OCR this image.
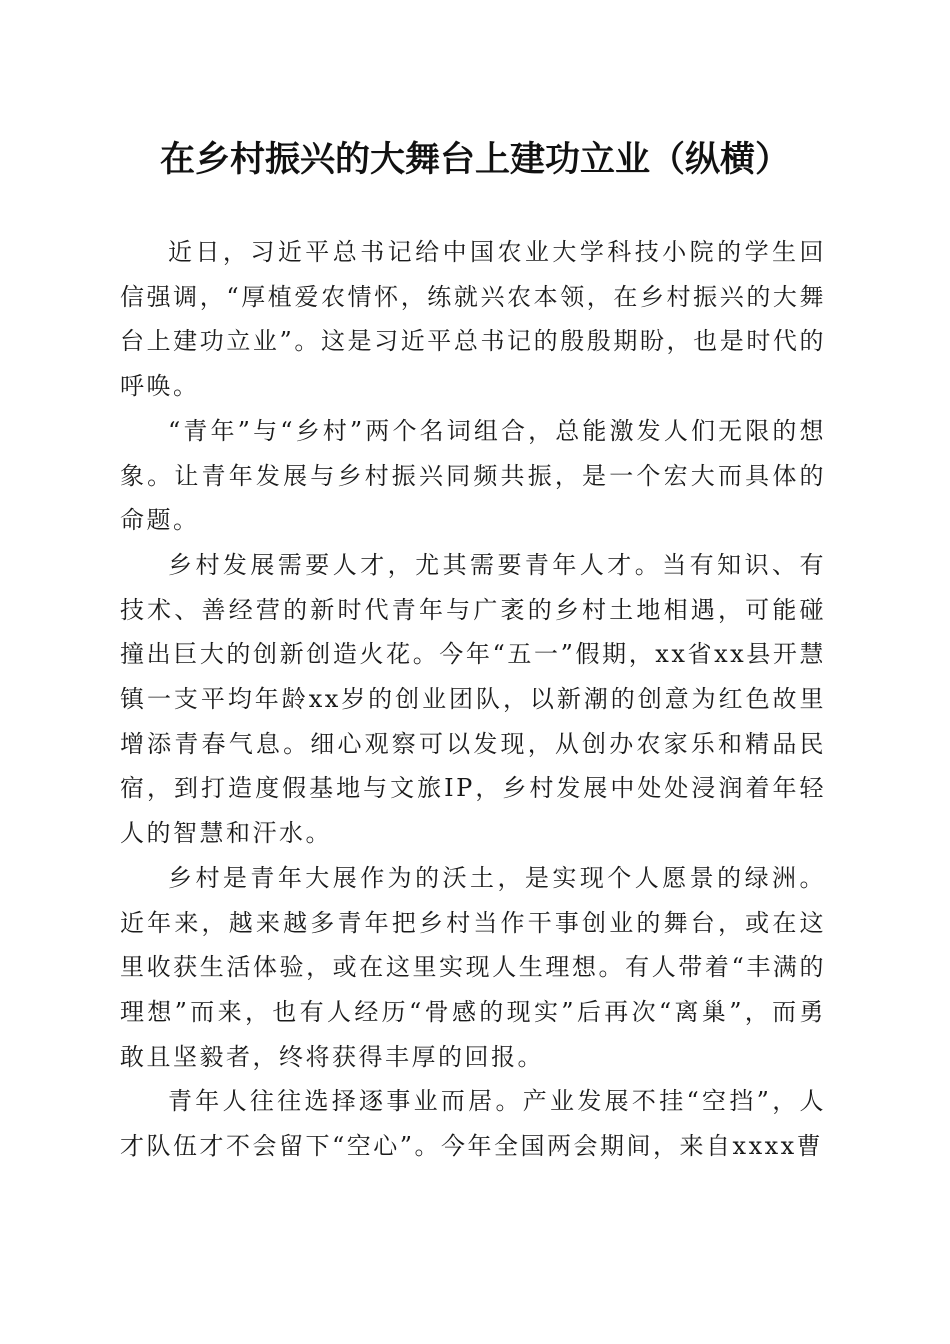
在乡村振兴的大舞台上建功立业（纵横）

近日，习近平总书记给中国农业大学科技小院的学生回信强调，“厚植爱农情怀，练就兴农本领，在乡村振兴的大舞台上建功立业”。这是习近平总书记的殷殷期盼，也是时代的呼唤。

“青年”与“乡村”两个名词组合，总能激发人们无限的想象。让青年发展与乡村振兴同频共振，是一个宏大而具体的命题。

乡村发展需要人才，尤其需要青年人才。当有知识、有技术、善经营的新时代青年与广袤的乡村土地相遇，可能碰撞出巨大的创新创造火花。今年“五一”假期，xx省xx县开慧镇一支平均年龄xx岁的创业团队，以新潮的创意为红色故里增添青春气息。细心观察可以发现，从创办农家乐和精品民宿，到打造度假基地与文旅IP，乡村发展中处处浸润着年轻人的智慧和汗水。

乡村是青年大展作为的沃土，是实现个人愿景的绿洲。近年来，越来越多青年把乡村当作干事创业的舞台，或在这里收获生活体验，或在这里实现人生理想。有人带着“丰满的理想”而来，也有人经历“骨感的现实”后再次“离巢”，而勇敢且坚毅者，终将获得丰厚的回报。

青年人往往选择逐事业而居。产业发展不挂“空挡”，人才队伍才不会留下“空心”。今年全国两会期间，来自xxxx曹
